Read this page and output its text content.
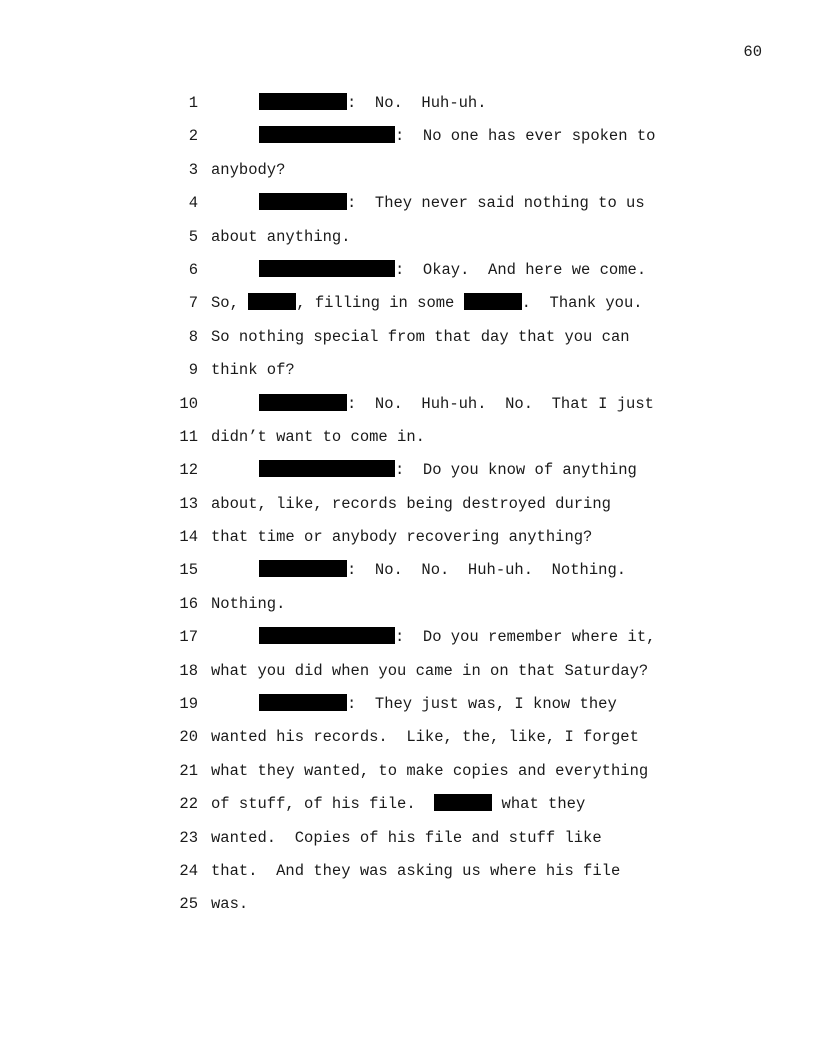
60
1	:  No.  Huh-uh.
2	:  No one has ever spoken to
3 anybody?
4	:  They never said nothing to us
5 about anything.
6	:  Okay.  And here we come.
7 So,	, filling in some	.  Thank you.
8 So nothing special from that day that you can
9 think of?
10	:  No.  Huh-uh.  No.  That I just
11 didn’t want to come in.
12	:  Do you know of anything
13 about, like, records being destroyed during
14 that time or anybody recovering anything?
15	:  No.  No.  Huh-uh.  Nothing.
16 Nothing.
17	:  Do you remember where it,
18 what you did when you came in on that Saturday?
19	:  They just was, I know they
20 wanted his records.  Like, the, like, I forget
21 what they wanted, to make copies and everything
22 of stuff, of his file.	what they
23 wanted.  Copies of his file and stuff like
24 that.  And they was asking us where his file
25 was.
